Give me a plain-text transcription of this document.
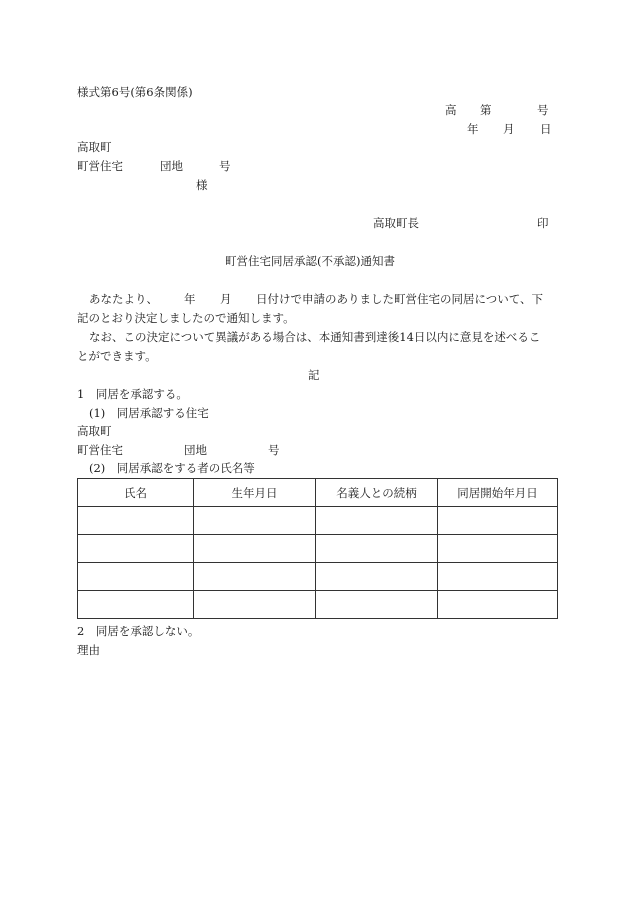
様式第6号(第6条関係)
高 第	号
年 月 日
高取町
町営住宅	団地	号
様
高取町長	印
町営住宅同居承認(不承認)通知書
あなたより、 年 月 日付けで申請のありました町営住宅の同居について、下
記のとおり決定しましたので通知します。
なお、この決定について異議がある場合は、本通知書到達後14日以内に意見を述べるこ
とができます。
記
1　同居を承認する。
(1)　同居承認する住宅
高取町
町営住宅	団地	号
(2)　同居承認をする者の氏名等
氏名	生年月日	名義人との続柄	同居開始年月日

2　同居を承認しない。
理由
